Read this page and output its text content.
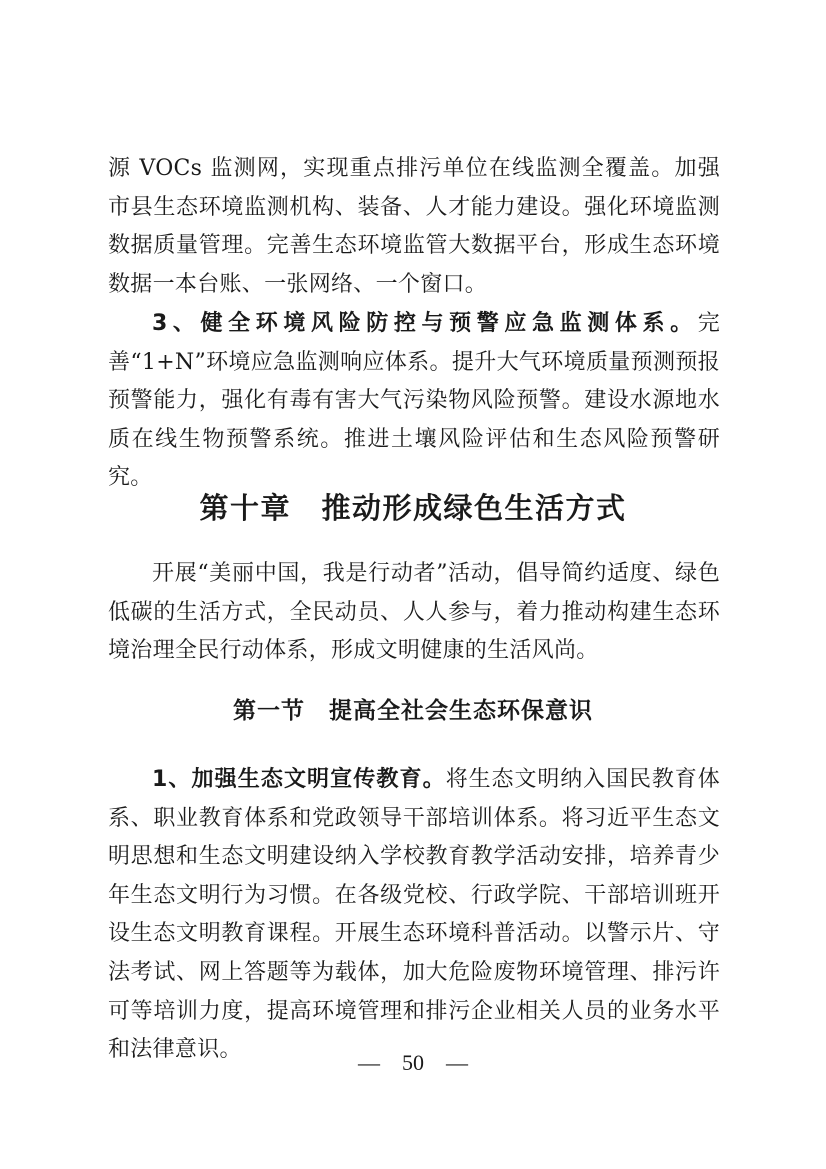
源 VOCs 监测网，实现重点排污单位在线监测全覆盖。加强市县生态环境监测机构、装备、人才能力建设。强化环境监测数据质量管理。完善生态环境监管大数据平台，形成生态环境数据一本台账、一张网络、一个窗口。

3、健全环境风险防控与预警应急监测体系。完善“1+N”环境应急监测响应体系。提升大气环境质量预测预报预警能力，强化有毒有害大气污染物风险预警。建设水源地水质在线生物预警系统。推进土壤风险评估和生态风险预警研究。

第十章　推动形成绿色生活方式

开展“美丽中国，我是行动者”活动，倡导简约适度、绿色 低碳的生活方式，全民动员、人人参与，着力推动构建生态环境治理全民行动体系，形成文明健康的生活风尚。

第一节　提高全社会生态环保意识

1、加强生态文明宣传教育。将生态文明纳入国民教育体系、职业教育体系和党政领导干部培训体系。将习近平生态文明思想和生态文明建设纳入学校教育教学活动安排，培养青少年生态文明行为习惯。在各级党校、行政学院、干部培训班开设生态文明教育课程。开展生态环境科普活动。以警示片、守法考试、网上答题等为载体，加大危险废物环境管理、排污许可等培训力度，提高环境管理和排污企业相关人员的业务水平和法律意识。

—　50　—
